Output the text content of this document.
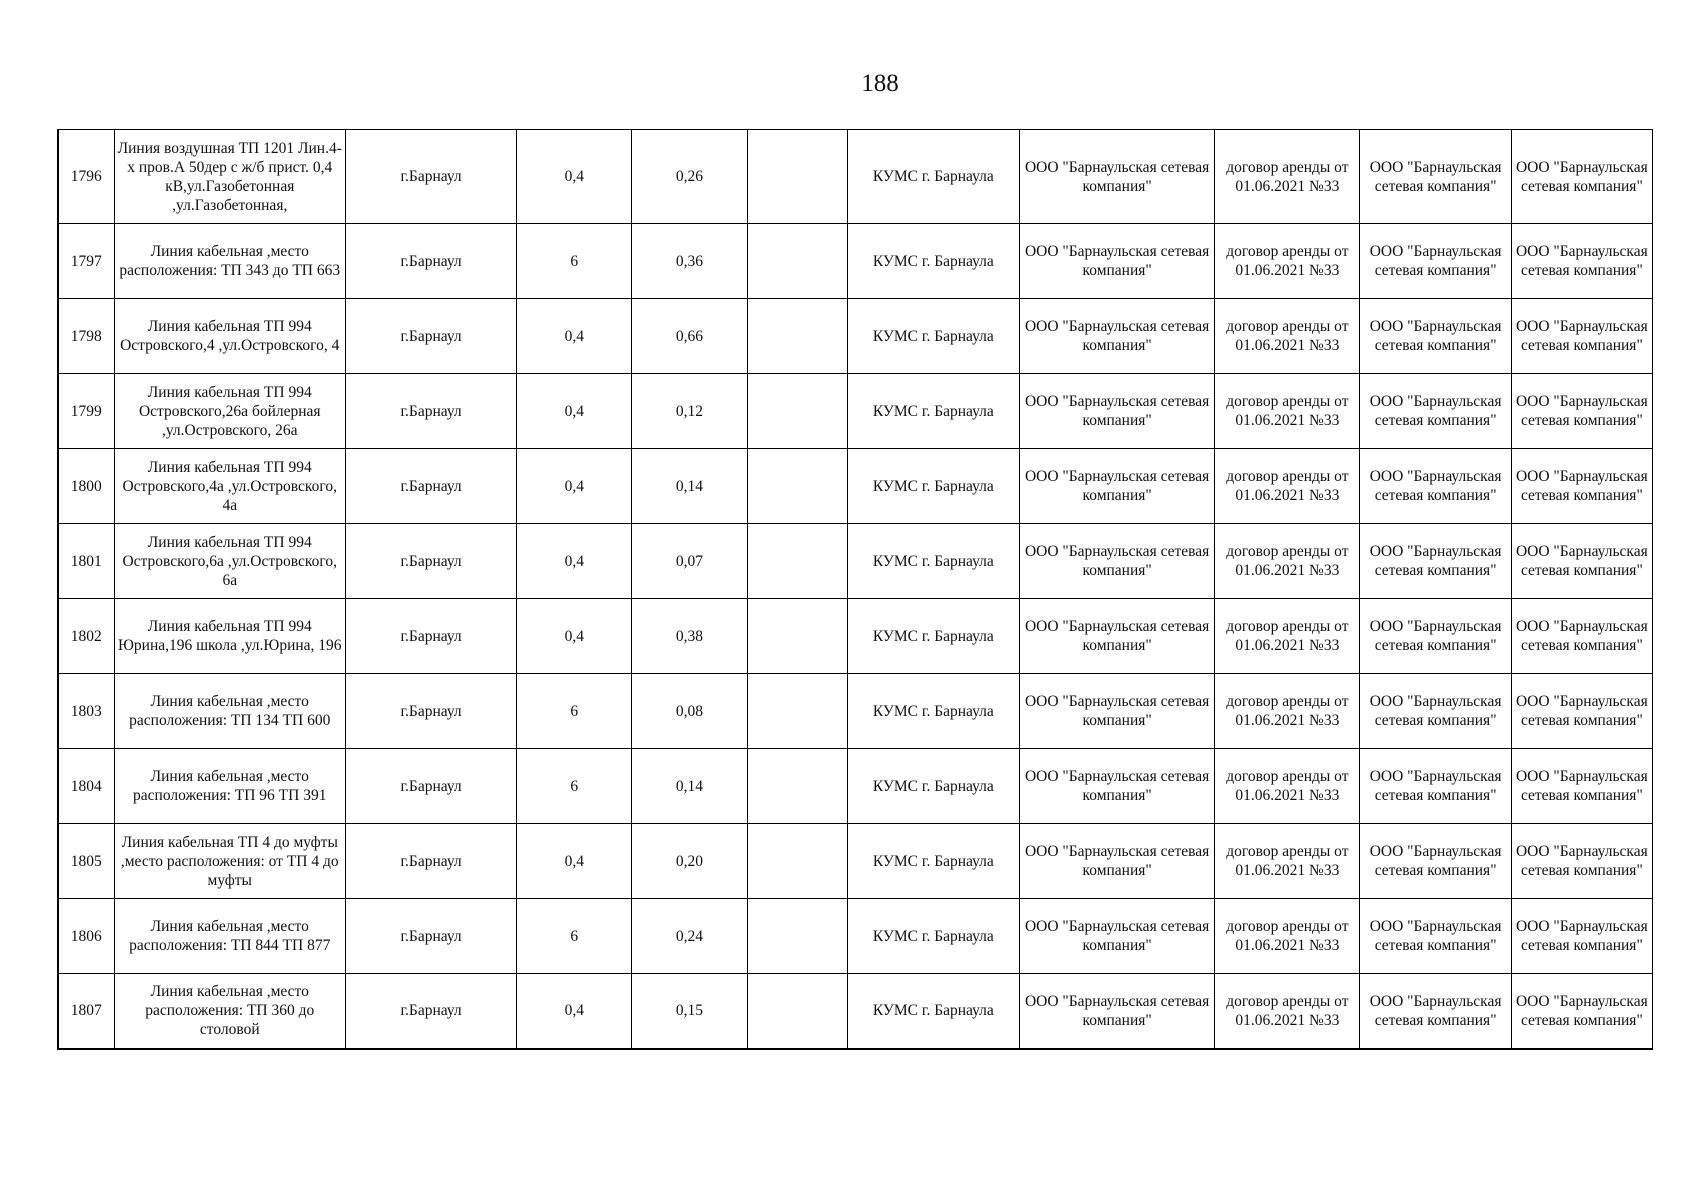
188
1796	Линия воздушная ТП 1201 Лин.4-х пров.А 50дер с ж/б прист. 0,4 кВ,ул.Газобетонная ,ул.Газобетонная,	г.Барнаул	0,4	0,26		КУМС г. Барнаула	ООО "Барнаульская сетевая компания"	договор аренды от 01.06.2021 №33	ООО "Барнаульская сетевая компания"	ООО "Барнаульская сетевая компания"
1797	Линия кабельная ,место расположения: ТП 343 до ТП 663	г.Барнаул	6	0,36		КУМС г. Барнаула	ООО "Барнаульская сетевая компания"	договор аренды от 01.06.2021 №33	ООО "Барнаульская сетевая компания"	ООО "Барнаульская сетевая компания"
1798	Линия кабельная ТП 994 Островского,4 ,ул.Островского, 4	г.Барнаул	0,4	0,66		КУМС г. Барнаула	ООО "Барнаульская сетевая компания"	договор аренды от 01.06.2021 №33	ООО "Барнаульская сетевая компания"	ООО "Барнаульская сетевая компания"
1799	Линия кабельная ТП 994 Островского,26а бойлерная ,ул.Островского, 26а	г.Барнаул	0,4	0,12		КУМС г. Барнаула	ООО "Барнаульская сетевая компания"	договор аренды от 01.06.2021 №33	ООО "Барнаульская сетевая компания"	ООО "Барнаульская сетевая компания"
1800	Линия кабельная ТП 994 Островского,4а ,ул.Островского, 4а	г.Барнаул	0,4	0,14		КУМС г. Барнаула	ООО "Барнаульская сетевая компания"	договор аренды от 01.06.2021 №33	ООО "Барнаульская сетевая компания"	ООО "Барнаульская сетевая компания"
1801	Линия кабельная ТП 994 Островского,6а ,ул.Островского, 6а	г.Барнаул	0,4	0,07		КУМС г. Барнаула	ООО "Барнаульская сетевая компания"	договор аренды от 01.06.2021 №33	ООО "Барнаульская сетевая компания"	ООО "Барнаульская сетевая компания"
1802	Линия кабельная ТП 994 Юрина,196 школа ,ул.Юрина, 196	г.Барнаул	0,4	0,38		КУМС г. Барнаула	ООО "Барнаульская сетевая компания"	договор аренды от 01.06.2021 №33	ООО "Барнаульская сетевая компания"	ООО "Барнаульская сетевая компания"
1803	Линия кабельная ,место расположения: ТП 134 ТП 600	г.Барнаул	6	0,08		КУМС г. Барнаула	ООО "Барнаульская сетевая компания"	договор аренды от 01.06.2021 №33	ООО "Барнаульская сетевая компания"	ООО "Барнаульская сетевая компания"
1804	Линия кабельная ,место расположения: ТП 96 ТП 391	г.Барнаул	6	0,14		КУМС г. Барнаула	ООО "Барнаульская сетевая компания"	договор аренды от 01.06.2021 №33	ООО "Барнаульская сетевая компания"	ООО "Барнаульская сетевая компания"
1805	Линия кабельная ТП 4 до муфты ,место расположения: от ТП 4 до муфты	г.Барнаул	0,4	0,20		КУМС г. Барнаула	ООО "Барнаульская сетевая компания"	договор аренды от 01.06.2021 №33	ООО "Барнаульская сетевая компания"	ООО "Барнаульская сетевая компания"
1806	Линия кабельная ,место расположения: ТП 844 ТП 877	г.Барнаул	6	0,24		КУМС г. Барнаула	ООО "Барнаульская сетевая компания"	договор аренды от 01.06.2021 №33	ООО "Барнаульская сетевая компания"	ООО "Барнаульская сетевая компания"
1807	Линия кабельная ,место расположения: ТП 360 до столовой	г.Барнаул	0,4	0,15		КУМС г. Барнаула	ООО "Барнаульская сетевая компания"	договор аренды от 01.06.2021 №33	ООО "Барнаульская сетевая компания"	ООО "Барнаульская сетевая компания"
